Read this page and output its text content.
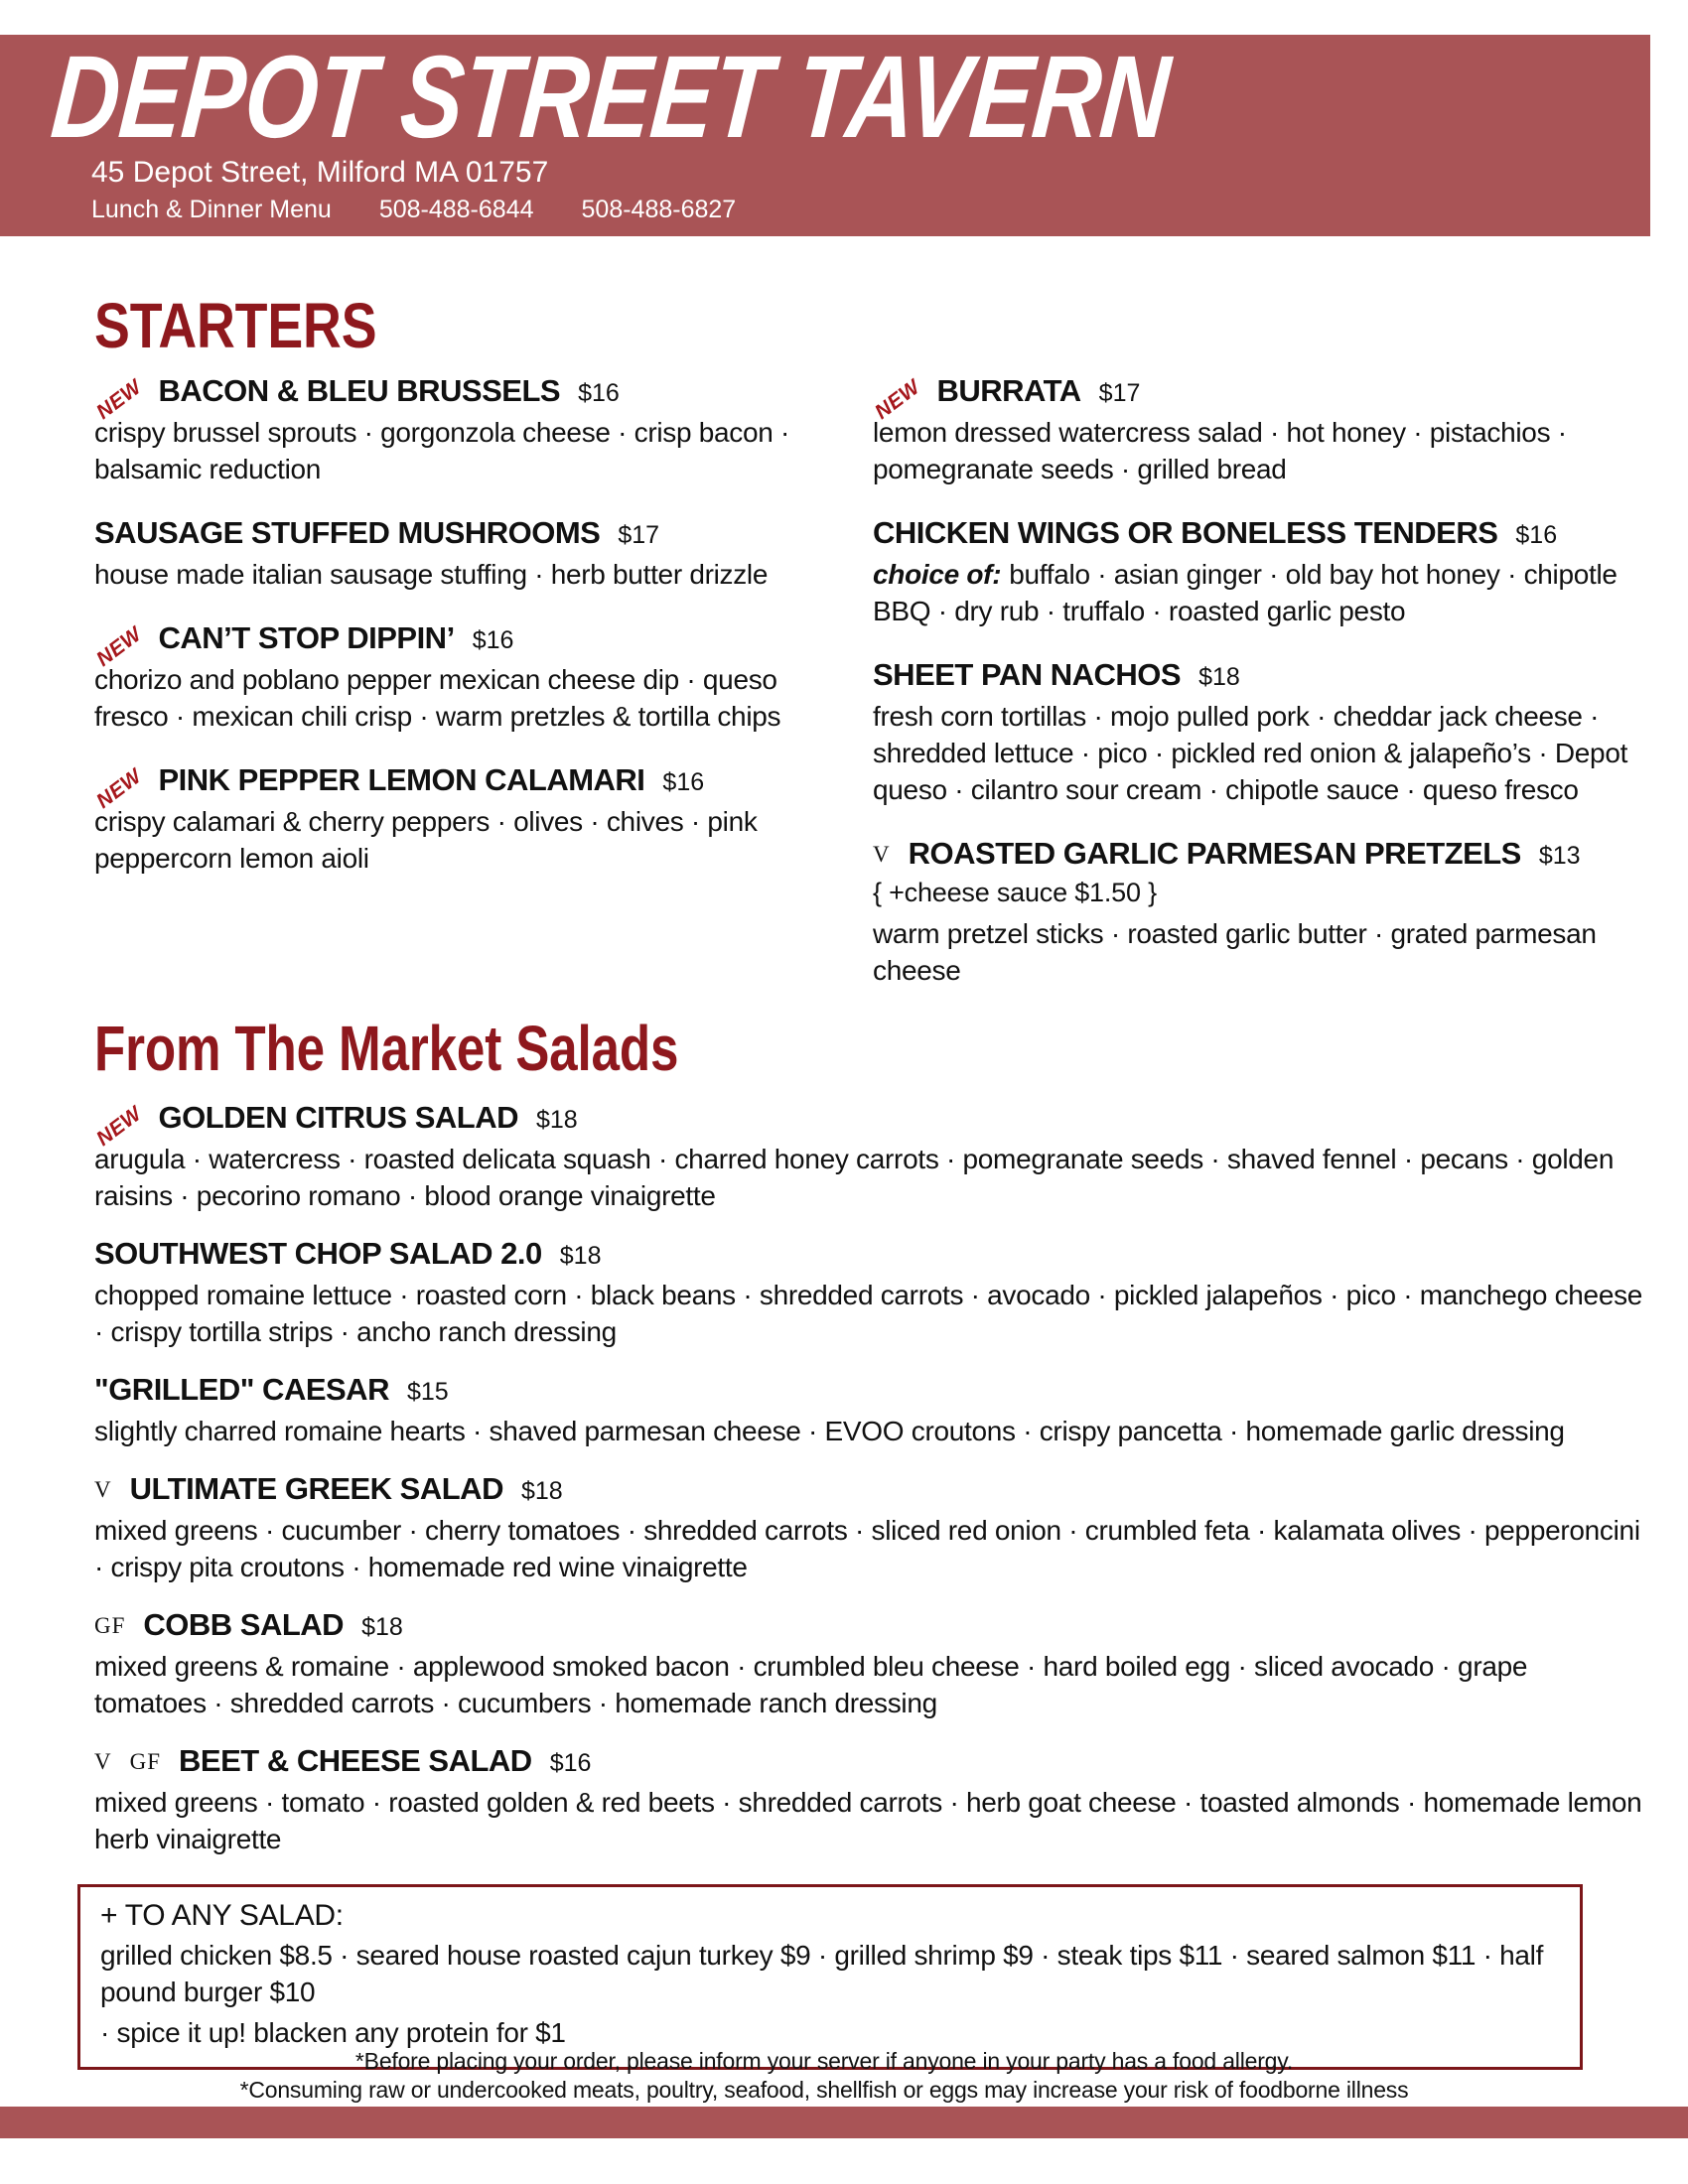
DEPOT STREET TAVERN
45 Depot Street, Milford MA 01757
Lunch & Dinner Menu 508-488-6844 508-488-6827
STARTERS
NEW BACON & BLEU BRUSSELS $16

crispy brussel sprouts · gorgonzola cheese · crisp bacon · balsamic reduction

SAUSAGE STUFFED MUSHROOMS $17

house made italian sausage stuffing · herb butter drizzle

NEW CAN’T STOP DIPPIN’ $16

chorizo and poblano pepper mexican cheese dip · queso fresco · mexican chili crisp · warm pretzles & tortilla chips

NEW PINK PEPPER LEMON CALAMARI $16

crispy calamari & cherry peppers · olives · chives · pink peppercorn lemon aioli

NEW BURRATA $17

lemon dressed watercress salad · hot honey · pistachios · pomegranate seeds · grilled bread

CHICKEN WINGS OR BONELESS TENDERS $16

choice of: buffalo · asian ginger · old bay hot honey · chipotle BBQ · dry rub · truffalo · roasted garlic pesto

SHEET PAN NACHOS $18

fresh corn tortillas · mojo pulled pork · cheddar jack cheese · shredded lettuce · pico · pickled red onion & jalapeño’s · Depot queso · cilantro sour cream · chipotle sauce · queso fresco

V ROASTED GARLIC PARMESAN PRETZELS $13
{ +cheese sauce $1.50 }

warm pretzel sticks · roasted garlic butter · grated parmesan cheese

From The Market Salads
NEW GOLDEN CITRUS SALAD $18

arugula · watercress · roasted delicata squash · charred honey carrots · pomegranate seeds · shaved fennel · pecans · golden raisins · pecorino romano · blood orange vinaigrette

SOUTHWEST CHOP SALAD 2.0 $18

chopped romaine lettuce · roasted corn · black beans · shredded carrots · avocado · pickled jalapeños · pico · manchego cheese · crispy tortilla strips · ancho ranch dressing

"GRILLED" CAESAR $15

slightly charred romaine hearts · shaved parmesan cheese · EVOO croutons · crispy pancetta · homemade garlic dressing

V ULTIMATE GREEK SALAD $18

mixed greens · cucumber · cherry tomatoes · shredded carrots · sliced red onion · crumbled feta · kalamata olives · pepperoncini · crispy pita croutons · homemade red wine vinaigrette

GF COBB SALAD $18

mixed greens & romaine · applewood smoked bacon · crumbled bleu cheese · hard boiled egg · sliced avocado · grape tomatoes · shredded carrots · cucumbers · homemade ranch dressing

V GF BEET & CHEESE SALAD $16

mixed greens · tomato · roasted golden & red beets · shredded carrots · herb goat cheese · toasted almonds · homemade lemon herb vinaigrette

+ TO ANY SALAD:
grilled chicken $8.5 · seared house roasted cajun turkey $9 · grilled shrimp $9 · steak tips $11 · seared salmon $11 · half pound burger $10
· spice it up! blacken any protein for $1
*Before placing your order, please inform your server if anyone in your party has a food allergy.
*Consuming raw or undercooked meats, poultry, seafood, shellfish or eggs may increase your risk of foodborne illness
